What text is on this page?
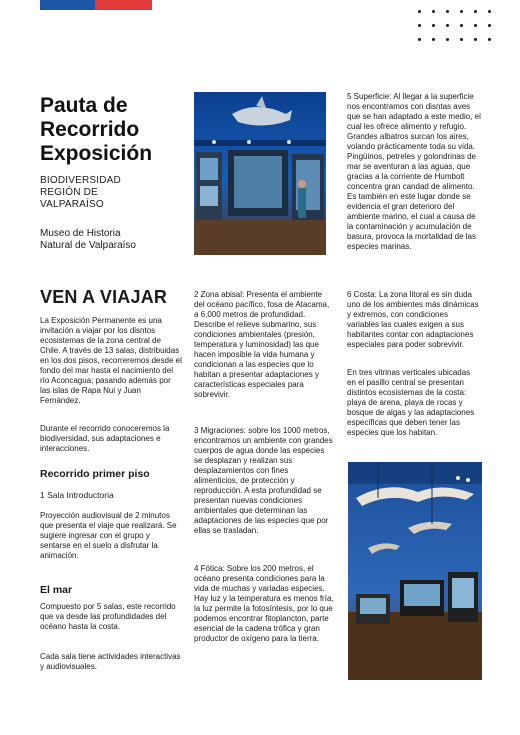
Pauta de
Recorrido
Exposición
BIODIVERSIDAD
REGIÓN DE
VALPARAÍSO
Museo de Historia
Natural de Valparaíso
VEN A VIAJAR
La Exposición Permanente es una invitación a viajar por los disntos ecosistemas de la zona central de Chile. A través de 13 salas, distribuidas en los dos pisos, recorreremos desde el fondo del mar hasta el nacimiento del río Aconcagua; pasando además por las islas de Rapa Nui y Juan Fernández.
Durante el recorrido conoceremos la biodiversidad, sus adaptaciones e interacciones.
Recorrido primer piso
1 Sala Introductoria
Proyección audiovisual de 2 minutos que presenta el viaje que realizará. Se sugiere ingresar con el grupo y sentarse en el suelo a disfrutar la animación.
El mar
Compuesto por 5 salas, este recorrido que va desde las profundidades del océano hasta la costa.
Cada sala tiene actividades interactivas y audiovisuales.
2 Zona abisal: Presenta el ambiente del océano pacífico, fosa de Atacama, a 6.000 metros de profundidad. Describe el relieve submarino, sus condiciones ambientales (presión, temperatura y luminosidad) las que hacen imposible la vida humana y condicionan a las especies que lo habitan a presentar adaptaciones y características especiales para sobrevivir.
3 Migraciones: sobre los 1000 metros, encontramos un ambiente con grandes cuerpos de agua donde las especies se desplazan y realizan sus desplazamientos con fines alimenticios, de protección y reproducción. A esta profundidad se presentan nuevas condiciones ambientales que determinan las adaptaciones de las especies que por ellas se trasladan.
4 Fótica: Sobre los 200 metros, el océano presenta condiciones para la vida de muchas y variadas especies. Hay luz y la temperatura es menos fría, la luz permite la fotosíntesis, por lo que podemos encontrar fitoplancton, parte esencial de la cadena trófica y gran productor de oxígeno para la tierra.
5 Superficie: Al llegar a la superficie nos encontramos con disntas aves que se han adaptado a este medio, el cual les ofrece alimento y refugio. Grandes albatros surcan los aires, volando prácticamente toda su vida. Pingüinos, petreles y golondrinas de mar se aventuran a las aguas, que gracias a la corriente de Humbolt concentra gran candad de alimento. Es también en este lugar donde se evidencia el gran deterioro del ambiente marino, el cual a causa de la contaminación y acumulación de basura, provoca la mortalidad de las especies marinas.
6 Costa: La zona litoral es sin duda uno de los ambientes más dinámicas y extremos, con condiciones variables las cuales exigen a sus habitantes contar con adaptaciones especiales para poder sobrevivir.
En tres vitrinas verticales ubicadas en el pasillo central se presentan distintos ecosistemas de la costa: playa de arena, playa de rocas y bosque de algas y las adaptaciones específicas que deben tener las especies que los habitan.
